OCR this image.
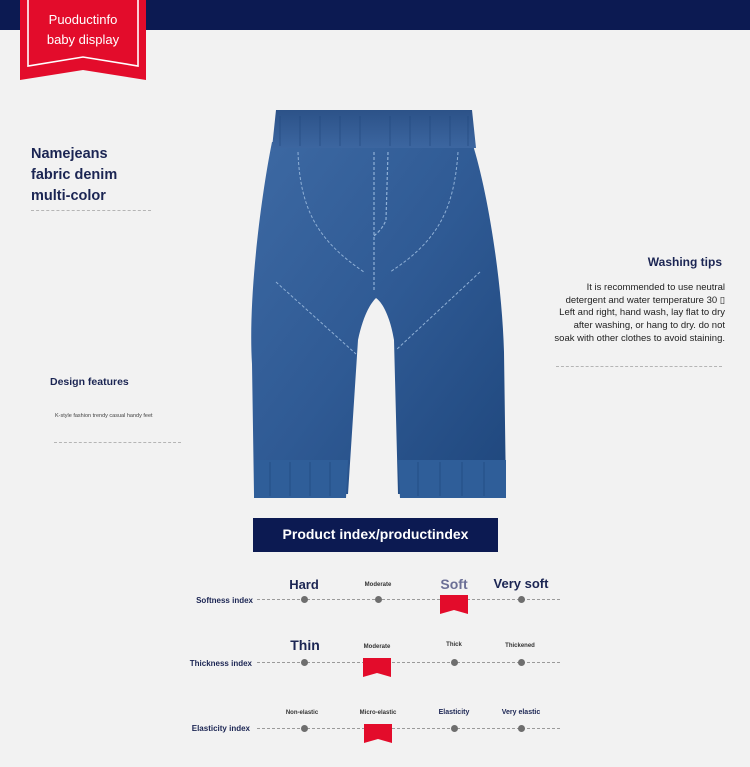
Puoductinfo
baby display
Namejeans
fabric denim
multi-color
Design features
K-style fashion trendy casual handy feet
Washing tips
It is recommended to use neutral detergent and water temperature 30 ▯ Left and right, hand wash, lay flat to dry after washing, or hang to dry. do not soak with other clothes to avoid staining.
Product index/productindex
Softness index
Hard	Moderate	Soft Very soft
Thickness index
Thin	Moderate	Thick	Thickened
Elasticity index
Non-elastic	Micro-elastic	Elasticity	Very elastic
